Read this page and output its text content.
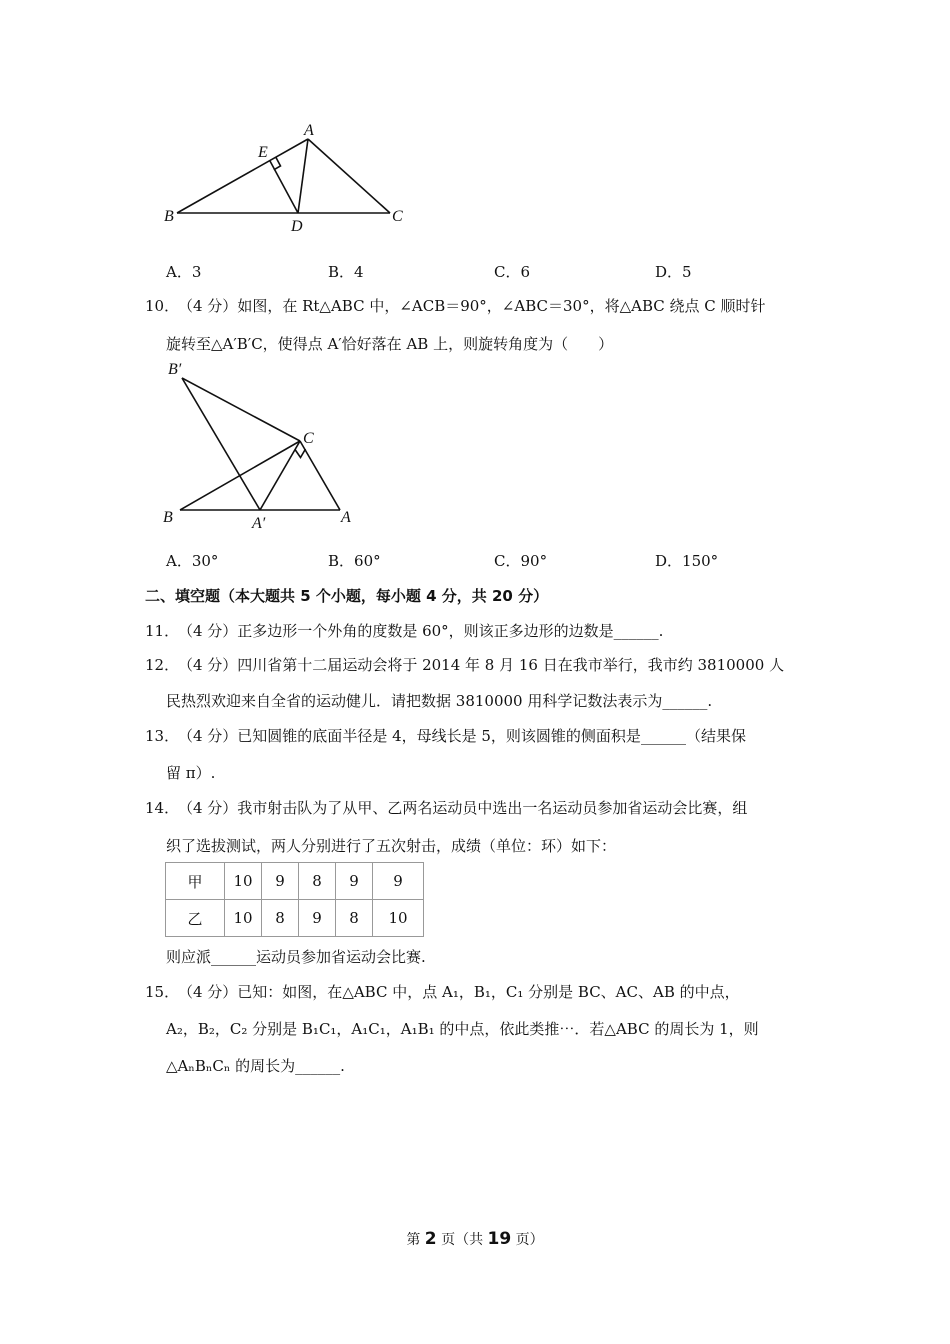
A
E
B
D
C
A．3	B．4	C．6	D．5
10．
（4 分）如图，在 Rt△ABC 中，∠ACB＝90°，∠ABC＝30°，将△ABC 绕点 C 顺时针
旋转至△A′B′C，使得点 A′恰好落在 AB 上，则旋转角度为（　　）
B′
C
B	A′	A
A．30°	B．60°	C．90°	D．150°
二、填空题（本大题共 5 个小题，每小题 4 分，共 20 分）
11．
（4 分）正多边形一个外角的度数是 60°，则该正多边形的边数是______.
12．
（4 分）四川省第十二届运动会将于 2014 年 8 月 16 日在我市举行，我市约 3810000 人
民热烈欢迎来自全省的运动健儿．请把数据 3810000 用科学记数法表示为______.
13．
（4 分）已知圆锥的底面半径是 4，母线长是 5，则该圆锥的侧面积是______（结果保
留 π）.
14．
（4 分）我市射击队为了从甲、乙两名运动员中选出一名运动员参加省运动会比赛，组
织了选拔测试，两人分别进行了五次射击，成绩（单位：环）如下：
甲	10	9	8	9	9
乙	10	8	9	8	10
则应派______运动员参加省运动会比赛.
15．
（4 分）已知：如图，在△ABC 中，点 A₁，B₁，C₁ 分别是 BC、AC、AB 的中点，
A₂，B₂，C₂ 分别是 B₁C₁，A₁C₁，A₁B₁ 的中点，依此类推⋯．若△ABC 的周长为 1，则
△AₙBₙCₙ 的周长为______.
第 2 页（共 19 页）
